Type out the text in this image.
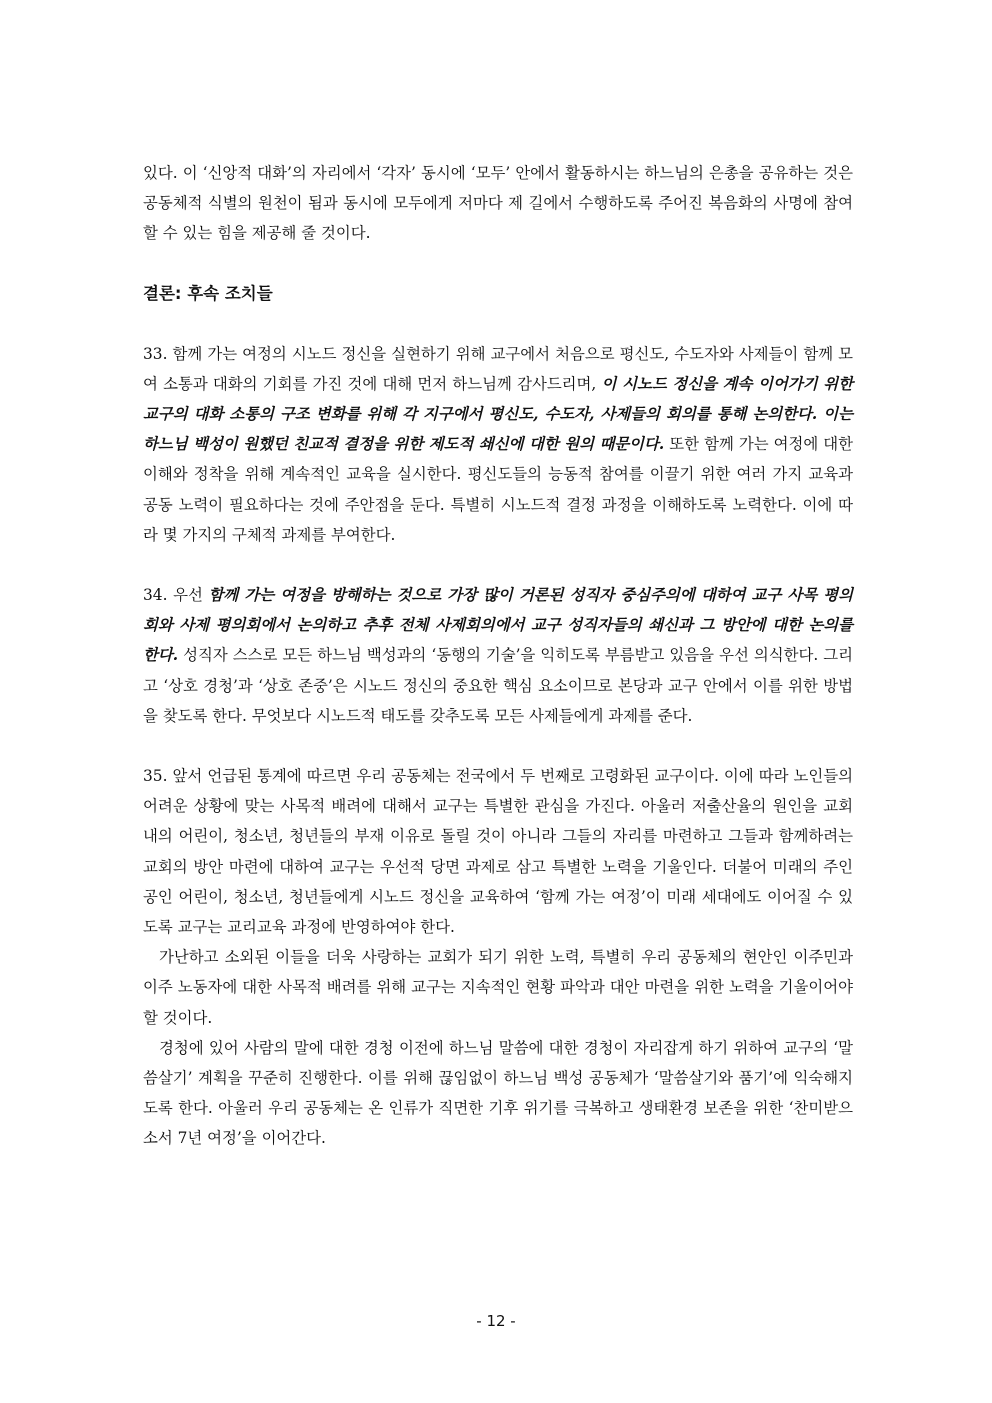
있다. 이 ‘신앙적 대화’의 자리에서 ‘각자’ 동시에 ‘모두’ 안에서 활동하시는 하느님의 은총을 공유하는 것은 공동체적 식별의 원천이 됨과 동시에 모두에게 저마다 제 길에서 수행하도록 주어진 복음화의 사명에 참여할 수 있는 힘을 제공해 줄 것이다.

결론: 후속 조치들

33. 함께 가는 여정의 시노드 정신을 실현하기 위해 교구에서 처음으로 평신도, 수도자와 사제들이 함께 모여 소통과 대화의 기회를 가진 것에 대해 먼저 하느님께 감사드리며, 이 시노드 정신을 계속 이어가기 위한 교구의 대화 소통의 구조 변화를 위해 각 지구에서 평신도, 수도자, 사제들의 회의를 통해 논의한다. 이는 하느님 백성이 원했던 친교적 결정을 위한 제도적 쇄신에 대한 원의 때문이다. 또한 함께 가는 여정에 대한 이해와 정착을 위해 계속적인 교육을 실시한다. 평신도들의 능동적 참여를 이끌기 위한 여러 가지 교육과 공동 노력이 필요하다는 것에 주안점을 둔다. 특별히 시노드적 결정 과정을 이해하도록 노력한다. 이에 따라 몇 가지의 구체적 과제를 부여한다.

34. 우선 함께 가는 여정을 방해하는 것으로 가장 많이 거론된 성직자 중심주의에 대하여 교구 사목 평의회와 사제 평의회에서 논의하고 추후 전체 사제회의에서 교구 성직자들의 쇄신과 그 방안에 대한 논의를 한다. 성직자 스스로 모든 하느님 백성과의 ‘동행의 기술’을 익히도록 부름받고 있음을 우선 의식한다. 그리고 ‘상호 경청’과 ‘상호 존중’은 시노드 정신의 중요한 핵심 요소이므로 본당과 교구 안에서 이를 위한 방법을 찾도록 한다. 무엇보다 시노드적 태도를 갖추도록 모든 사제들에게 과제를 준다.

35. 앞서 언급된 통계에 따르면 우리 공동체는 전국에서 두 번째로 고령화된 교구이다. 이에 따라 노인들의 어려운 상황에 맞는 사목적 배려에 대해서 교구는 특별한 관심을 가진다. 아울러 저출산율의 원인을 교회 내의 어린이, 청소년, 청년들의 부재 이유로 돌릴 것이 아니라 그들의 자리를 마련하고 그들과 함께하려는 교회의 방안 마련에 대하여 교구는 우선적 당면 과제로 삼고 특별한 노력을 기울인다. 더불어 미래의 주인공인 어린이, 청소년, 청년들에게 시노드 정신을 교육하여 ‘함께 가는 여정’이 미래 세대에도 이어질 수 있도록 교구는 교리교육 과정에 반영하여야 한다.

가난하고 소외된 이들을 더욱 사랑하는 교회가 되기 위한 노력, 특별히 우리 공동체의 현안인 이주민과 이주 노동자에 대한 사목적 배려를 위해 교구는 지속적인 현황 파악과 대안 마련을 위한 노력을 기울이어야 할 것이다.

경청에 있어 사람의 말에 대한 경청 이전에 하느님 말씀에 대한 경청이 자리잡게 하기 위하여 교구의 ‘말씀살기’ 계획을 꾸준히 진행한다. 이를 위해 끊임없이 하느님 백성 공동체가 ‘말씀살기와 품기’에 익숙해지도록 한다. 아울러 우리 공동체는 온 인류가 직면한 기후 위기를 극복하고 생태환경 보존을 위한 ‘찬미받으소서 7년 여정’을 이어간다.

- 12 -
